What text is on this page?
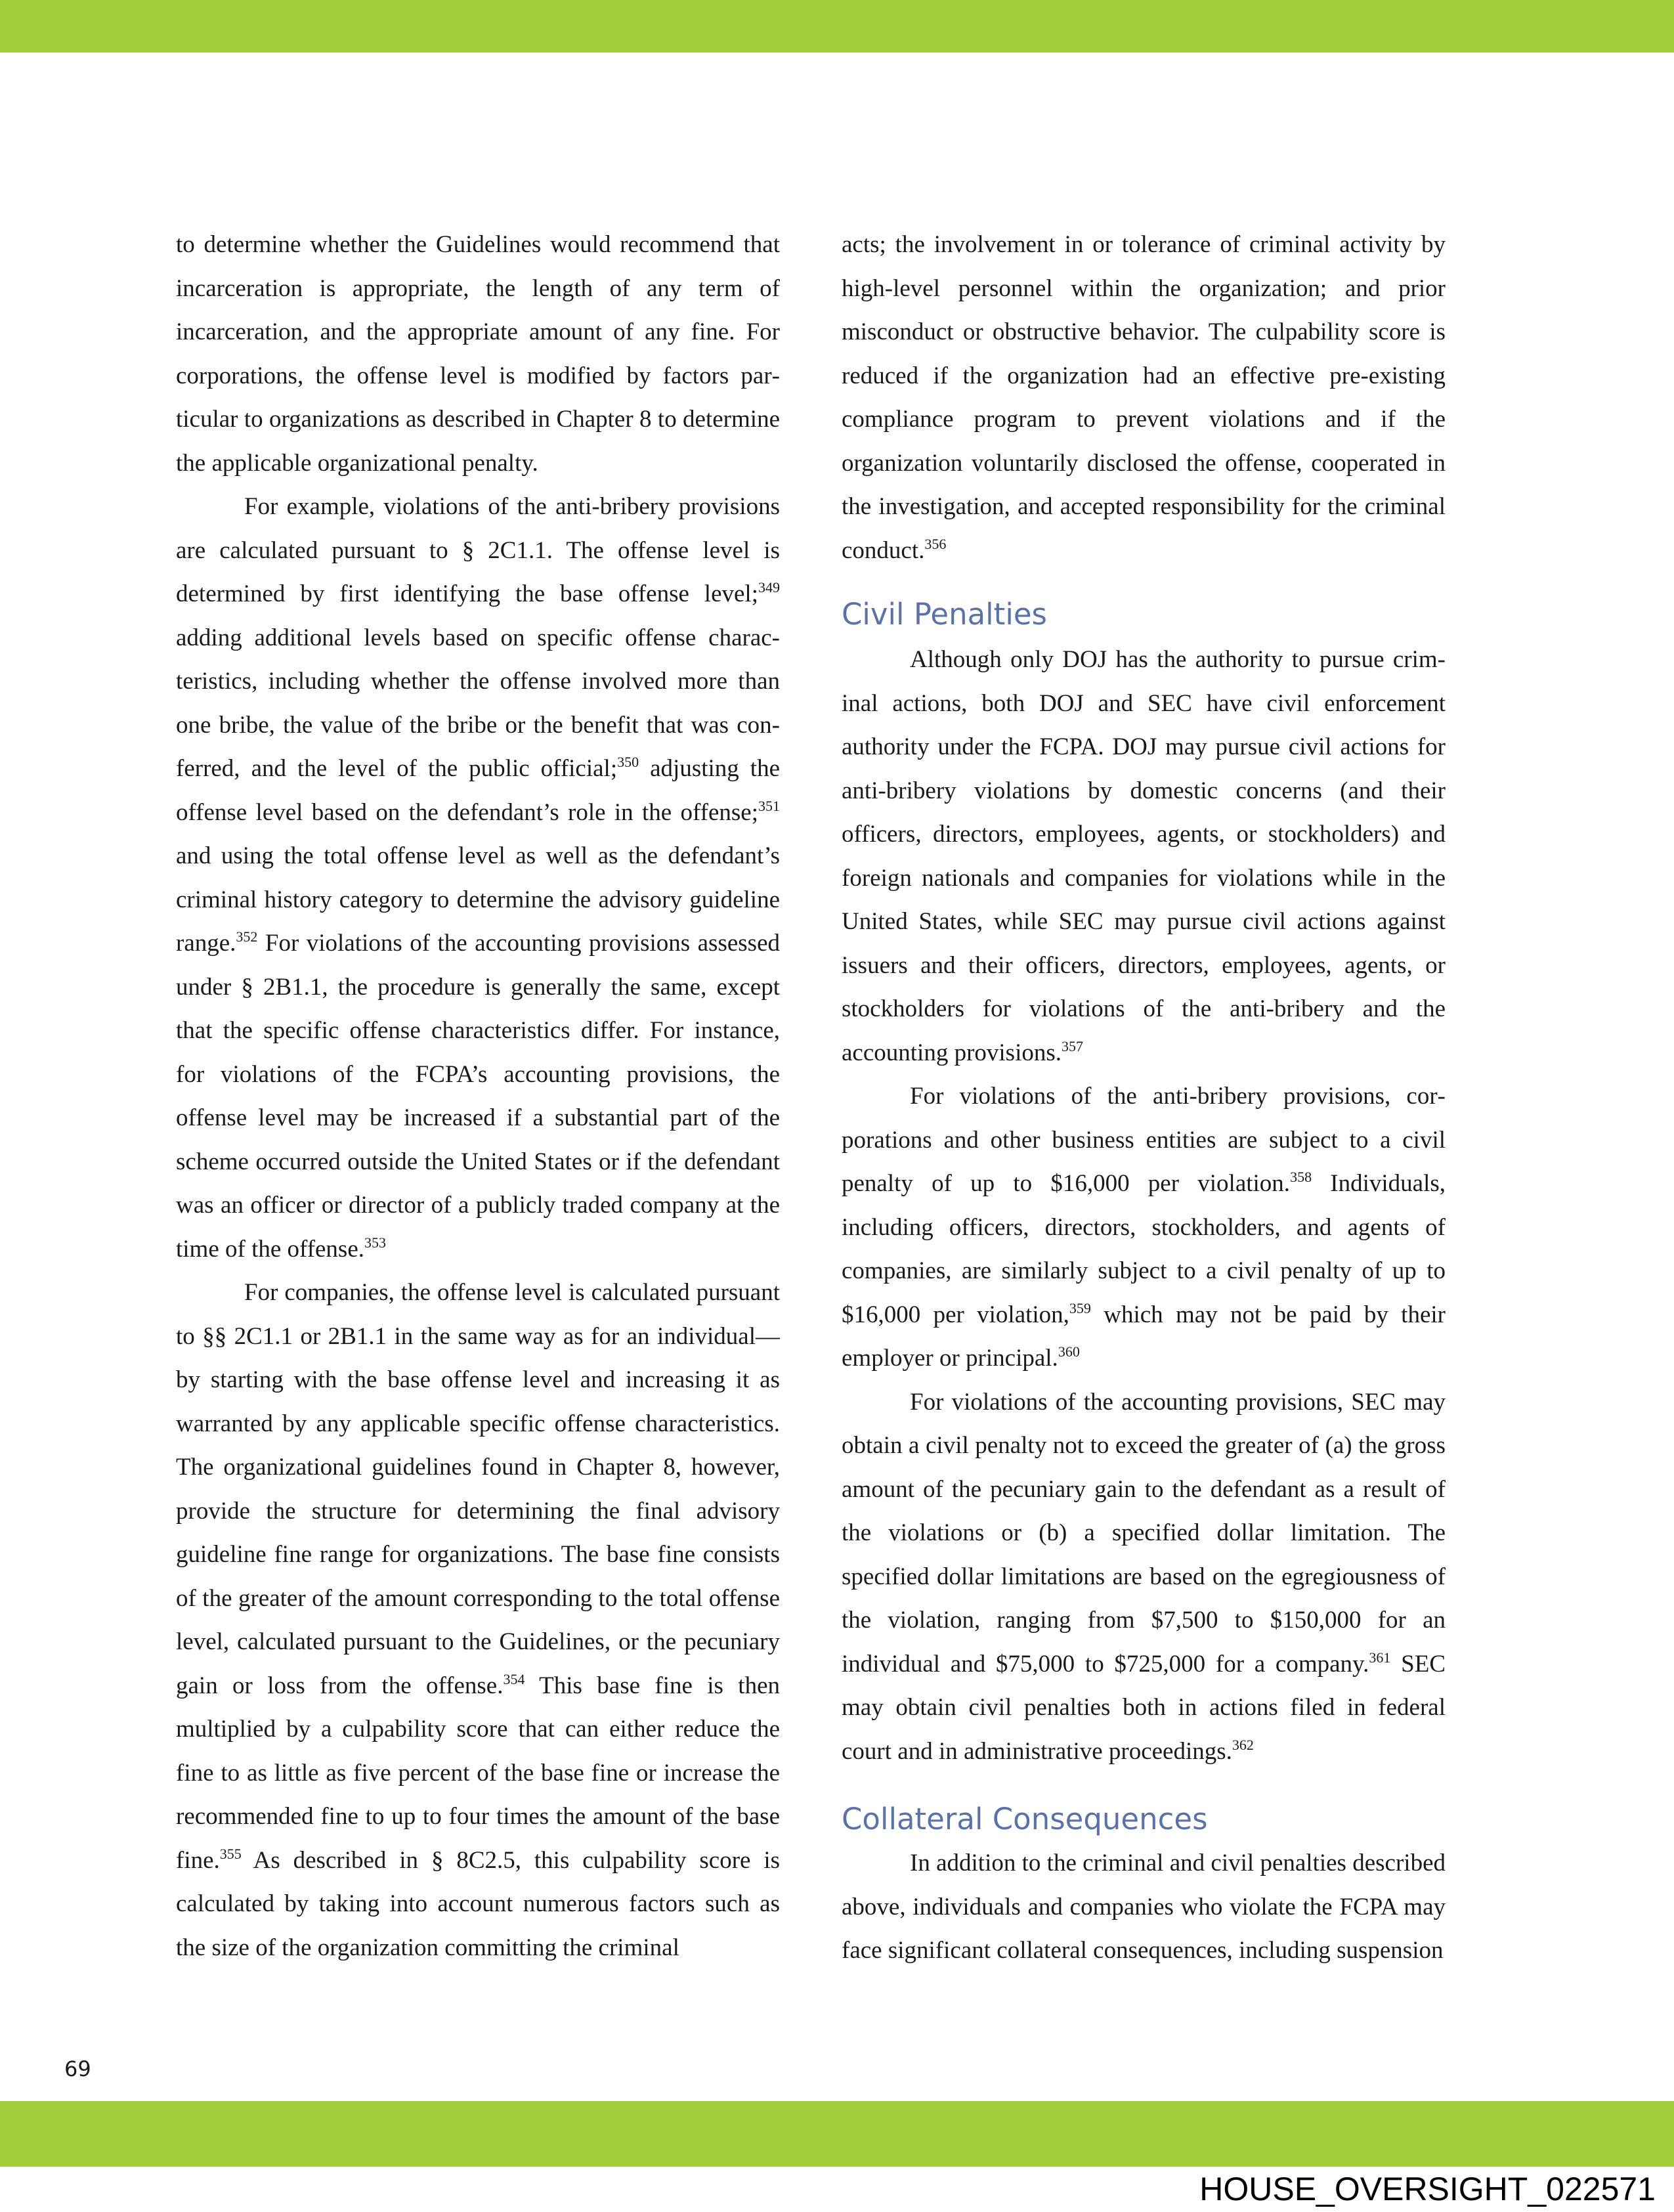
to determine whether the Guidelines would recommend that incarceration is appropriate, the length of any term of incarceration, and the appropriate amount of any fine. For corporations, the offense level is modified by factors particular to organizations as described in Chapter 8 to determine the applicable organizational penalty.

For example, violations of the anti-bribery provisions are calculated pursuant to § 2C1.1. The offense level is determined by first identifying the base offense level;$^{349}$ adding additional levels based on specific offense characteristics, including whether the offense involved more than one bribe, the value of the bribe or the benefit that was conferred, and the level of the public official;$^{350}$ adjusting the offense level based on the defendant’s role in the offense;$^{351}$ and using the total offense level as well as the defendant’s criminal history category to determine the advisory guideline range.$^{352}$ For violations of the accounting provisions assessed under § 2B1.1, the procedure is generally the same, except that the specific offense characteristics differ. For instance, for violations of the FCPA’s accounting provisions, the offense level may be increased if a substantial part of the scheme occurred outside the United States or if the defendant was an officer or director of a publicly traded company at the time of the offense.$^{353}$

For companies, the offense level is calculated pursuant to §§ 2C1.1 or 2B1.1 in the same way as for an individual—by starting with the base offense level and increasing it as warranted by any applicable specific offense characteristics. The organizational guidelines found in Chapter 8, however, provide the structure for determining the final advisory guideline fine range for organizations. The base fine consists of the greater of the amount corresponding to the total offense level, calculated pursuant to the Guidelines, or the pecuniary gain or loss from the offense.$^{354}$ This base fine is then multiplied by a culpability score that can either reduce the fine to as little as five percent of the base fine or increase the recommended fine to up to four times the amount of the base fine.$^{355}$ As described in § 8C2.5, this culpability score is calculated by taking into account numerous factors such as the size of the organization committing the criminal

acts; the involvement in or tolerance of criminal activity by high-level personnel within the organization; and prior misconduct or obstructive behavior. The culpability score is reduced if the organization had an effective pre-existing compliance program to prevent violations and if the organization voluntarily disclosed the offense, cooperated in the investigation, and accepted responsibility for the criminal conduct.$^{356}$

Civil Penalties

Although only DOJ has the authority to pursue criminal actions, both DOJ and SEC have civil enforcement authority under the FCPA. DOJ may pursue civil actions for anti-bribery violations by domestic concerns (and their officers, directors, employees, agents, or stockholders) and foreign nationals and companies for violations while in the United States, while SEC may pursue civil actions against issuers and their officers, directors, employees, agents, or stockholders for violations of the anti-bribery and the accounting provisions.$^{357}$

For violations of the anti-bribery provisions, corporations and other business entities are subject to a civil penalty of up to $16,000 per violation.$^{358}$ Individuals, including officers, directors, stockholders, and agents of companies, are similarly subject to a civil penalty of up to $16,000 per violation,$^{359}$ which may not be paid by their employer or principal.$^{360}$

For violations of the accounting provisions, SEC may obtain a civil penalty not to exceed the greater of (a) the gross amount of the pecuniary gain to the defendant as a result of the violations or (b) a specified dollar limitation. The specified dollar limitations are based on the egregiousness of the violation, ranging from $7,500 to $150,000 for an individual and $75,000 to $725,000 for a company.$^{361}$ SEC may obtain civil penalties both in actions filed in federal court and in administrative proceedings.$^{362}$

Collateral Consequences

In addition to the criminal and civil penalties described above, individuals and companies who violate the FCPA may face significant collateral consequences, including suspension

69
HOUSE_OVERSIGHT_022571
